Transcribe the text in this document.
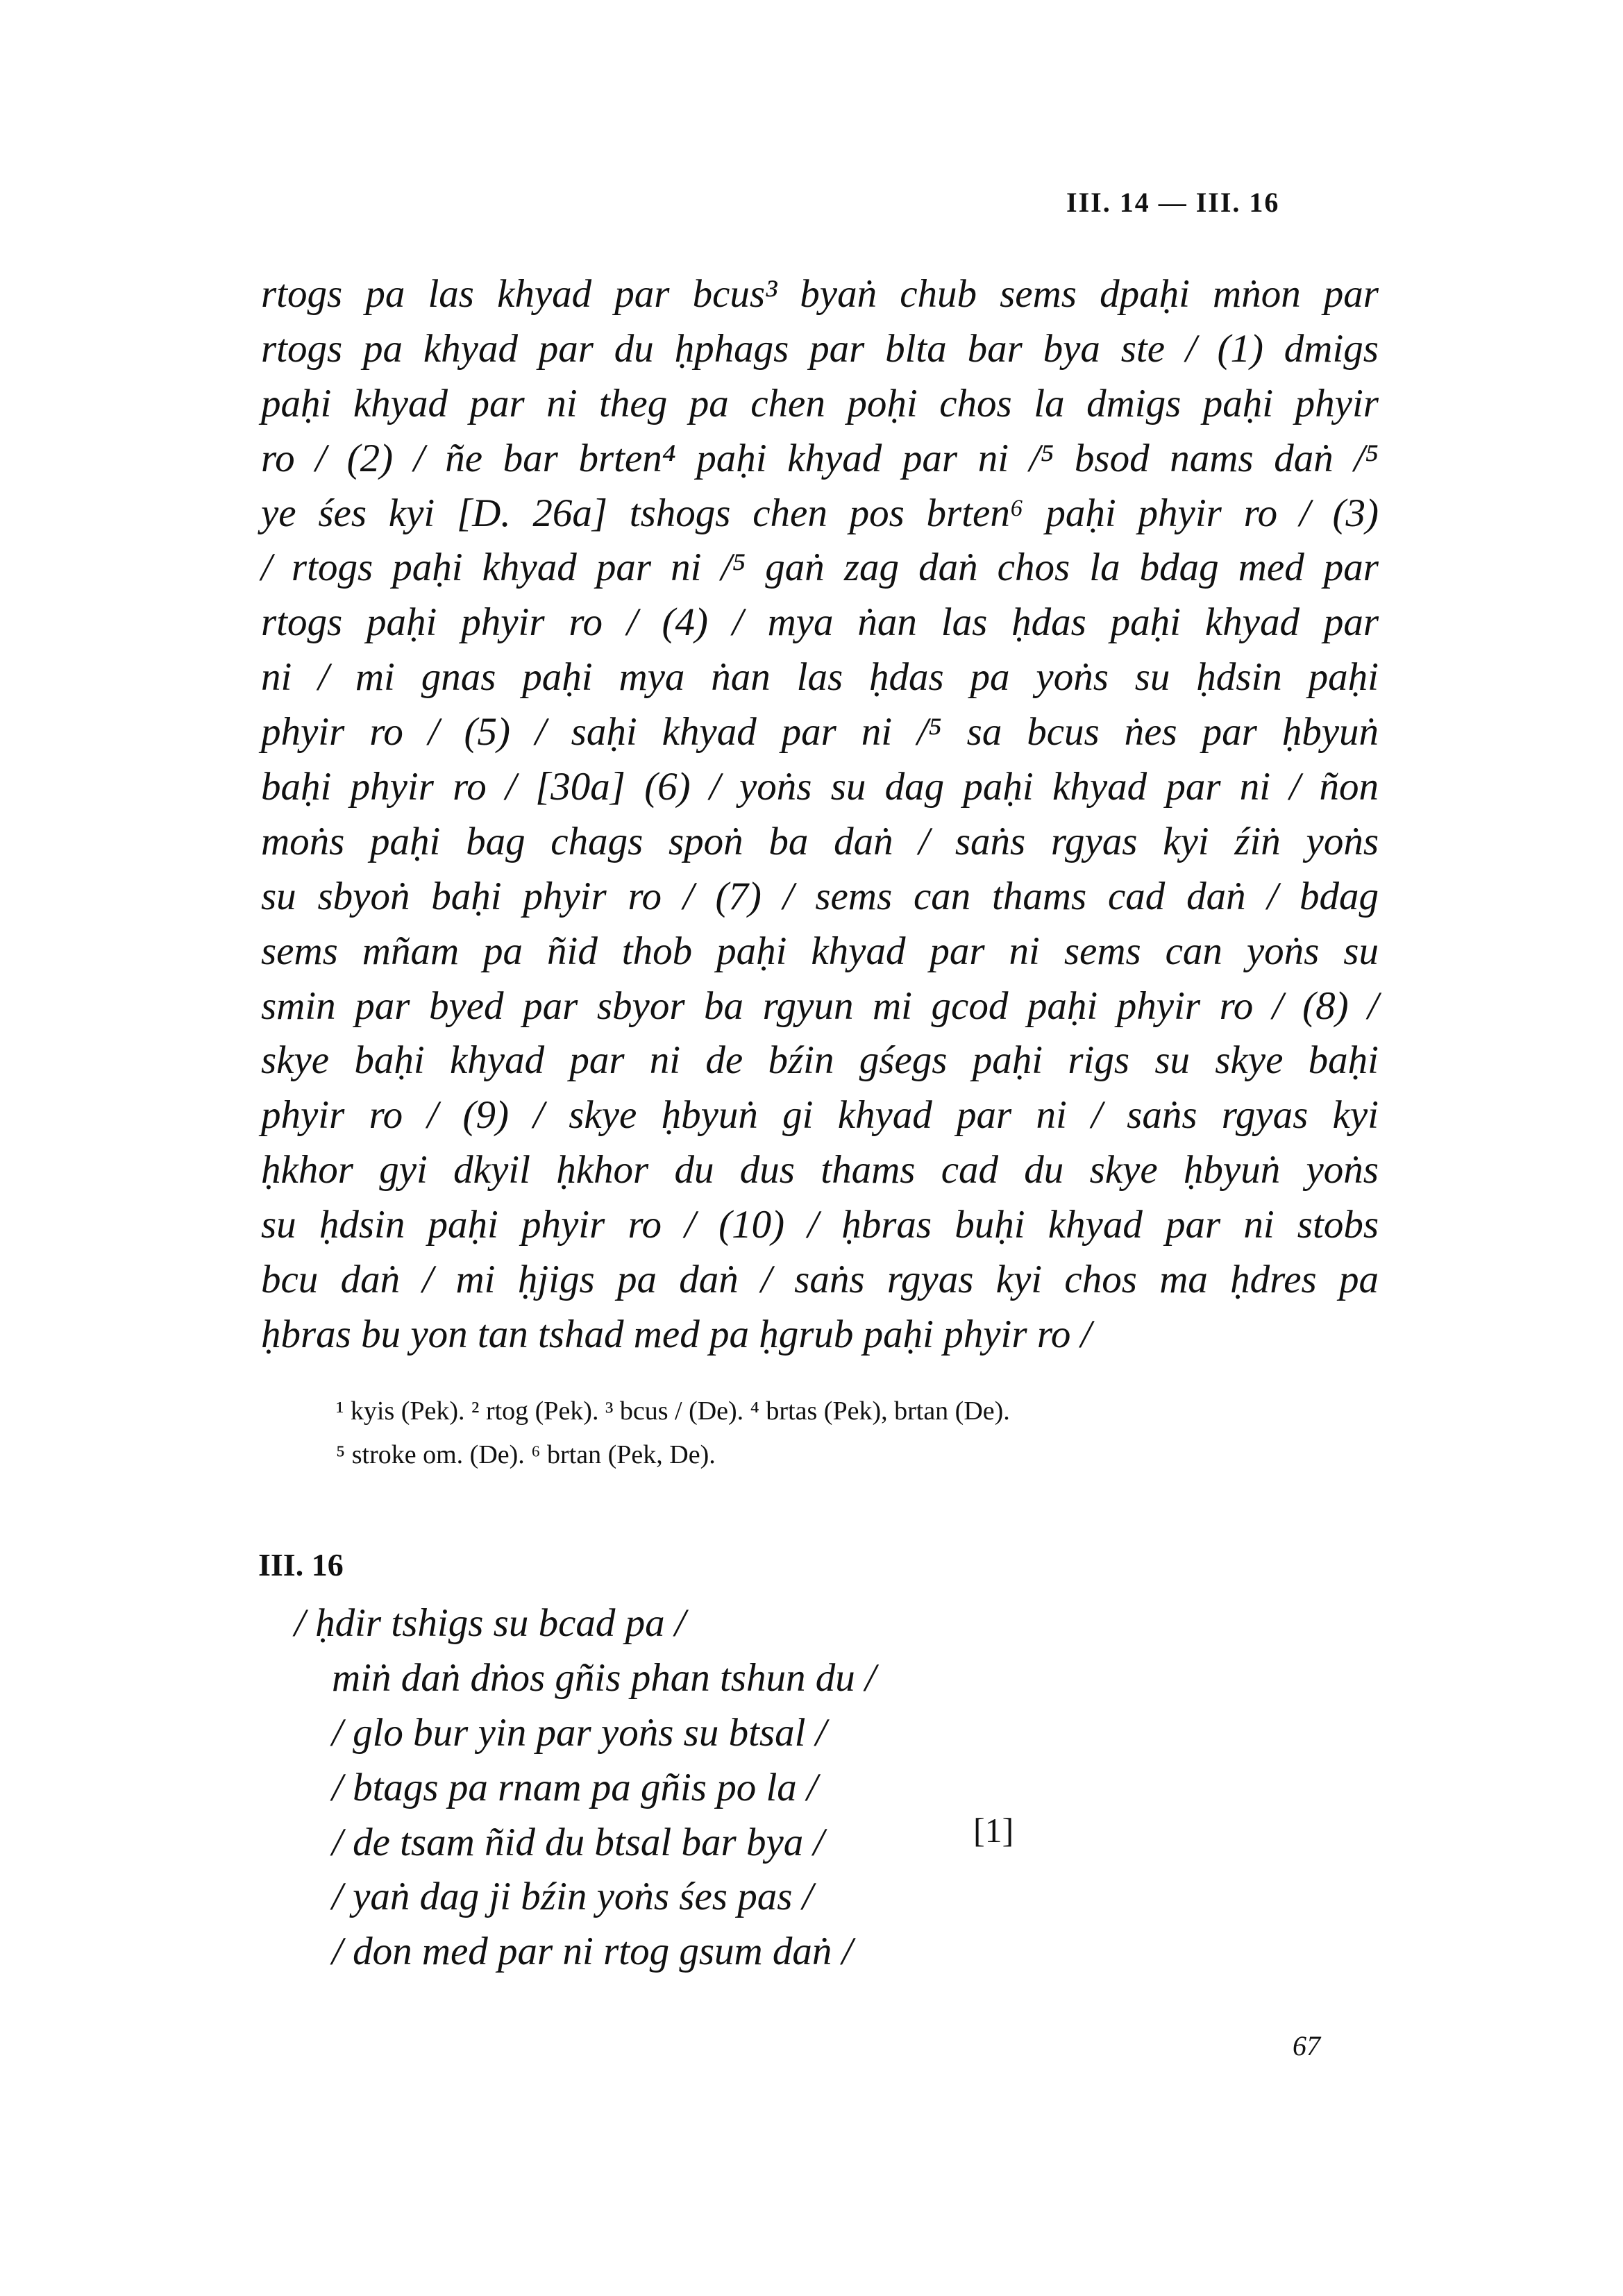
III. 14 — III. 16
rtogs pa las khyad par bcus³ byaṅ chub sems dpaḥi mṅon par
rtogs pa khyad par du ḥphags par blta bar bya ste / (1) dmigs
paḥi khyad par ni theg pa chen poḥi chos la dmigs paḥi phyir
ro / (2) / ñe bar brten⁴ paḥi khyad par ni /⁵ bsod nams daṅ /⁵
ye śes kyi [D. 26a] tshogs chen pos brten⁶ paḥi phyir ro / (3)
/ rtogs paḥi khyad par ni /⁵ gaṅ zag daṅ chos la bdag med par
rtogs paḥi phyir ro / (4) / mya ṅan las ḥdas paḥi khyad par
ni / mi gnas paḥi mya ṅan las ḥdas pa yoṅs su ḥdsin paḥi
phyir ro / (5) / saḥi khyad par ni /⁵ sa bcus ṅes par ḥbyuṅ
baḥi phyir ro / [30a] (6) / yoṅs su dag paḥi khyad par ni / ñon
moṅs paḥi bag chags spoṅ ba daṅ / saṅs rgyas kyi źiṅ yoṅs
su sbyoṅ baḥi phyir ro / (7) / sems can thams cad daṅ / bdag
sems mñam pa ñid thob paḥi khyad par ni sems can yoṅs su
smin par byed par sbyor ba rgyun mi gcod paḥi phyir ro / (8) /
skye baḥi khyad par ni de bźin gśegs paḥi rigs su skye baḥi
phyir ro / (9) / skye ḥbyuṅ gi khyad par ni / saṅs rgyas kyi
ḥkhor gyi dkyil ḥkhor du dus thams cad du skye ḥbyuṅ yoṅs
su ḥdsin paḥi phyir ro / (10) / ḥbras buḥi khyad par ni stobs
bcu daṅ / mi ḥjigs pa daṅ / saṅs rgyas kyi chos ma ḥdres pa
ḥbras bu yon tan tshad med pa ḥgrub paḥi phyir ro /
¹ kyis (Pek). ² rtog (Pek). ³ bcus / (De). ⁴ brtas (Pek), brtan (De).
⁵ stroke om. (De). ⁶ brtan (Pek, De).
III. 16
/ ḥdir tshigs su bcad pa /
miṅ daṅ dṅos gñis phan tshun du /
/ glo bur yin par yoṅs su btsal /
/ btags pa rnam pa gñis po la /
/ de tsam ñid du btsal bar bya /
/ yaṅ dag ji bźin yoṅs śes pas /
/ don med par ni rtog gsum daṅ /
[1]
67
